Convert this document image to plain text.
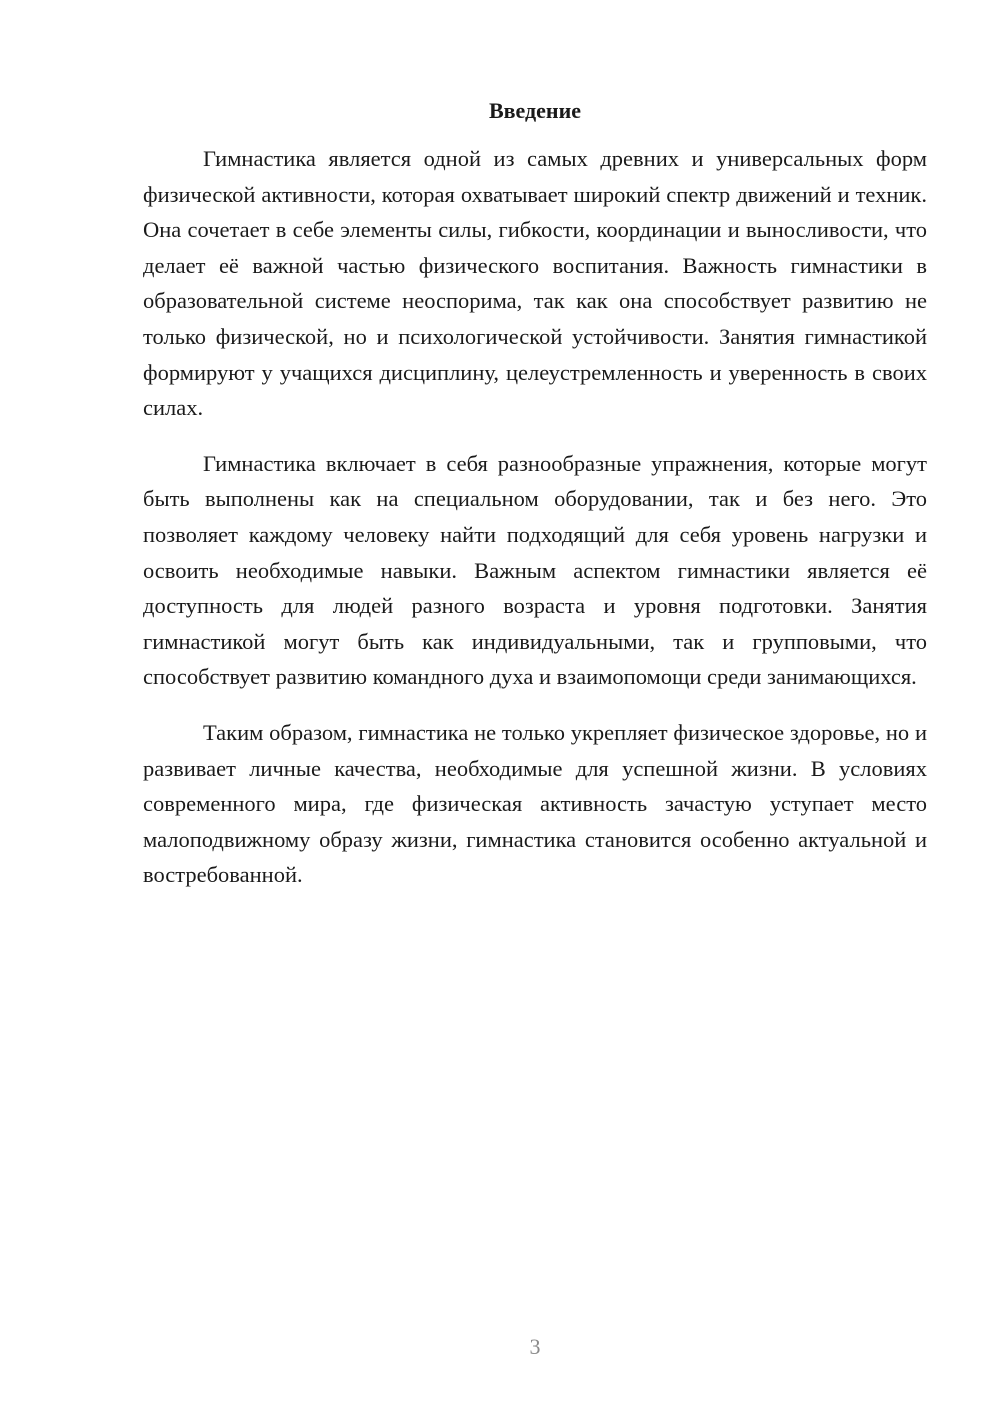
Введение

Гимнастика является одной из самых древних и универсальных форм физической активности, которая охватывает широкий спектр движений и техник. Она сочетает в себе элементы силы, гибкости, координации и выносливости, что делает её важной частью физического воспитания. Важность гимнастики в образовательной системе неоспорима, так как она способствует развитию не только физической, но и психологической устойчивости. Занятия гимнастикой формируют у учащихся дисциплину, целеустремленность и уверенность в своих силах.

Гимнастика включает в себя разнообразные упражнения, которые могут быть выполнены как на специальном оборудовании, так и без него. Это позволяет каждому человеку найти подходящий для себя уровень нагрузки и освоить необходимые навыки. Важным аспектом гимнастики является её доступность для людей разного возраста и уровня подготовки. Занятия гимнастикой могут быть как индивидуальными, так и групповыми, что способствует развитию командного духа и взаимопомощи среди занимающихся.

Таким образом, гимнастика не только укрепляет физическое здоровье, но и развивает личные качества, необходимые для успешной жизни. В условиях современного мира, где физическая активность зачастую уступает место малоподвижному образу жизни, гимнастика становится особенно актуальной и востребованной.

3
